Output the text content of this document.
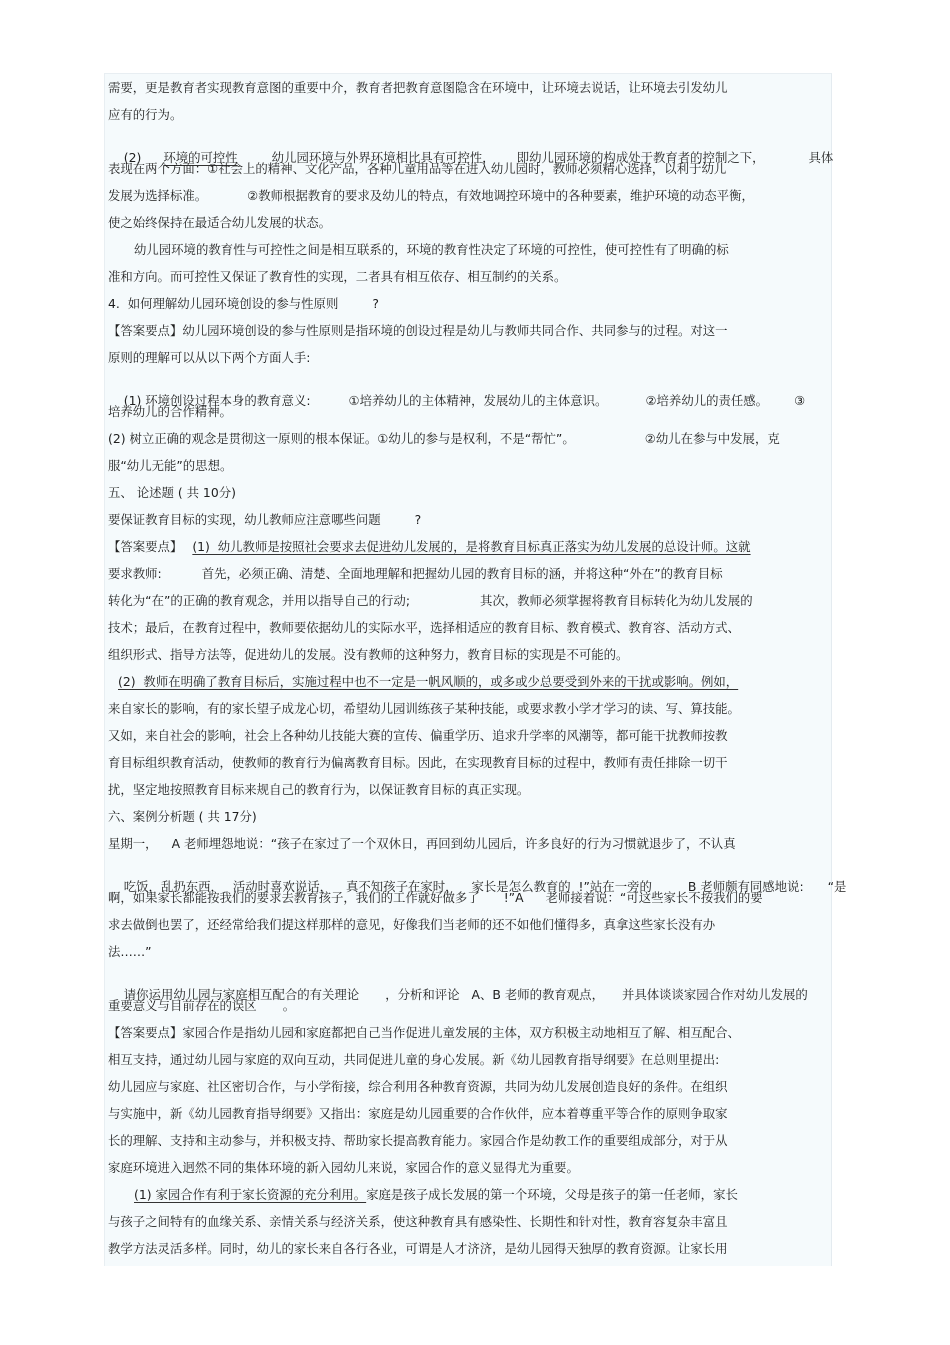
需要，更是教育者实现教育意图的重要中介，教育者把教育意图隐含在环境中，让环境去说话，让环境去引发幼儿
应有的行为。

(2) 环境的可控性	幼儿园环境与外界环境相比具有可控性， 即幼儿园环境的构成处于教育者的控制之下，	具体

表现在两个方面：①社会上的精神、文化产品，各种儿童用品等在进入幼儿园时，教师必须精心选择，以利于幼儿
发展为选择标准。	②教师根据教育的要求及幼儿的特点，有效地调控环境中的各种要素，维护环境的动态平衡，
使之始终保持在最适合幼儿发展的状态。
幼儿园环境的教育性与可控性之间是相互联系的，环境的教育性决定了环境的可控性，使可控性有了明确的标
准和方向。而可控性又保证了教育性的实现，二者具有相互依存、相互制约的关系。
4.  如何理解幼儿园环境创设的参与性原则	?
【答案要点】幼儿园环境创设的参与性原则是指环境的创设过程是幼儿与教师共同合作、共同参与的过程。对这一
原则的理解可以从以下两个方面人手:

(1) 环境创设过程本身的教育意义:	①培养幼儿的主体精神，发展幼儿的主体意识。	②培养幼儿的责任感。 ③

培养幼儿的合作精神。
(2) 树立正确的观念是贯彻这一原则的根本保证。①幼儿的参与是权利，不是“帮忙”。	②幼儿在参与中发展，克
服“幼儿无能”的思想。
五、 论述题 ( 共 10分)
要保证教育目标的实现，幼儿教师应注意哪些问题	?
【答案要点】 (1)  幼儿教师是按照社会要求去促进幼儿发展的，是将教育目标真正落实为幼儿发展的总设计师。这就
要求教师:	首先，必须正确、清楚、全面地理解和把握幼儿园的教育目标的涵，并将这种“外在”的教育目标
转化为“在”的正确的教育观念，并用以指导自己的行动;	其次，教师必须掌握将教育目标转化为幼儿发展的
技术；最后，在教育过程中，教师要依据幼儿的实际水平，选择相适应的教育目标、教育模式、教育容、活动方式、
组织形式、指导方法等，促进幼儿的发展。没有教师的这种努力，教育目标的实现是不可能的。
(2)  教师在明确了教育目标后，实施过程中也不一定是一帆风顺的，或多或少总要受到外来的干扰或影响。例如，
来自家长的影响，有的家长望子成龙心切，希望幼儿园训练孩子某种技能，或要求教小学才学习的读、写、算技能。
又如，来自社会的影响，社会上各种幼儿技能大赛的宣传、偏重学历、追求升学率的风潮等，都可能干扰教师按教
育目标组织教育活动，使教师的教育行为偏离教育目标。因此，在实现教育目标的过程中，教师有责任排除一切干
扰，坚定地按照教育目标来规自己的教育行为，以保证教育目标的真正实现。
六、案例分析题 ( 共 17分)
星期一， A 老师埋怨地说：“孩子在家过了一个双休日，再回到幼儿园后，许多良好的行为习惯就退步了，不认真

吃饭，乱扔东西， 活动时喜欢说话， 真不知孩子在家时， 家长是怎么教育的  !”站在一旁的	B 老师颇有同感地说: “是

啊，如果家长都能按我们的要求去教育孩子，我们的工作就好做多了 !”A 老师接着说：“可这些家长不按我们的要
求去做倒也罢了，还经常给我们提这样那样的意见，好像我们当老师的还不如他们懂得多，真拿这些家长没有办
法……”

请你运用幼儿园与家庭相互配合的有关理论 ，分析和评论 A、B 老师的教育观点， 并具体谈谈家园合作对幼儿发展的

重要意义与目前存在的误区 。
【答案要点】家园合作是指幼儿园和家庭都把自己当作促进儿童发展的主体，双方积极主动地相互了解、相互配合、
相互支持，通过幼儿园与家庭的双向互动，共同促进儿童的身心发展。新《幼儿园教育指导纲要》在总则里提出:
幼儿园应与家庭、社区密切合作，与小学衔接，综合利用各种教育资源，共同为幼儿发展创造良好的条件。在组织
与实施中，新《幼儿园教育指导纲要》又指出：家庭是幼儿园重要的合作伙伴，应本着尊重平等合作的原则争取家
长的理解、支持和主动参与，并积极支持、帮助家长提高教育能力。家园合作是幼教工作的重要组成部分，对于从
家庭环境进入迥然不同的集体环境的新入园幼儿来说，家园合作的意义显得尤为重要。
(1) 家园合作有利于家长资源的充分利用。家庭是孩子成长发展的第一个环境，父母是孩子的第一任老师，家长
与孩子之间特有的血缘关系、亲情关系与经济关系，使这种教育具有感染性、长期性和针对性，教育容复杂丰富且
教学方法灵活多样。同时，幼儿的家长来自各行各业，可谓是人才济济，是幼儿园得天独厚的教育资源。让家长用
